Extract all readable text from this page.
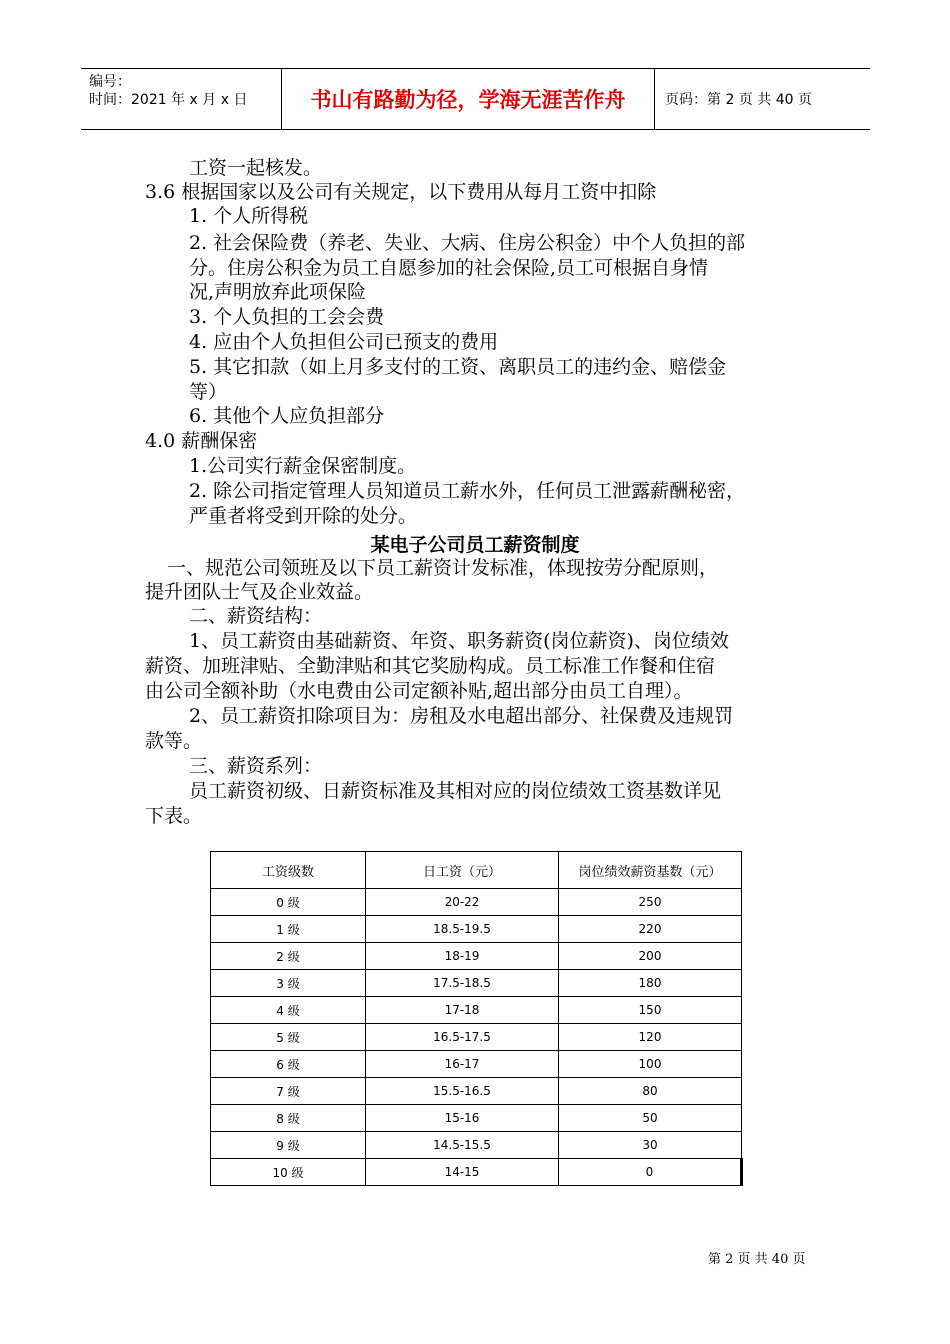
编号：
时间：2021 年 x 月 x 日	书山有路勤为径，学海无涯苦作舟	页码：第 2 页 共 40 页
工资一起核发。
3.6 根据国家以及公司有关规定，以下费用从每月工资中扣除
1. 个人所得税
2. 社会保险费（养老、失业、大病、住房公积金）中个人负担的部
分。住房公积金为员工自愿参加的社会保险,员工可根据自身情
况,声明放弃此项保险
3. 个人负担的工会会费
4. 应由个人负担但公司已预支的费用
5. 其它扣款（如上月多支付的工资、离职员工的违约金、赔偿金
等）
6. 其他个人应负担部分
4.0 薪酬保密
1.公司实行薪金保密制度。
2. 除公司指定管理人员知道员工薪水外，任何员工泄露薪酬秘密，
严重者将受到开除的处分。
某电子公司员工薪资制度
一、规范公司领班及以下员工薪资计发标准，体现按劳分配原则，
提升团队士气及企业效益。
二、薪资结构：
1、员工薪资由基础薪资、年资、职务薪资(岗位薪资)、岗位绩效
薪资、加班津贴、全勤津贴和其它奖励构成。员工标准工作餐和住宿
由公司全额补助（水电费由公司定额补贴,超出部分由员工自理）。
2、员工薪资扣除项目为：房租及水电超出部分、社保费及违规罚
款等。
三、薪资系列：
员工薪资初级、日薪资标准及其相对应的岗位绩效工资基数详见
下表。
工资级数	日工资（元）	岗位绩效薪资基数（元）
0 级	20-22	250
1 级	18.5-19.5	220
2 级	18-19	200
3 级	17.5-18.5	180
4 级	17-18	150
5 级	16.5-17.5	120
6 级	16-17	100
7 级	15.5-16.5	80
8 级	15-16	50
9 级	14.5-15.5	30
10 级	14-15	0
第 2 页 共 40 页
